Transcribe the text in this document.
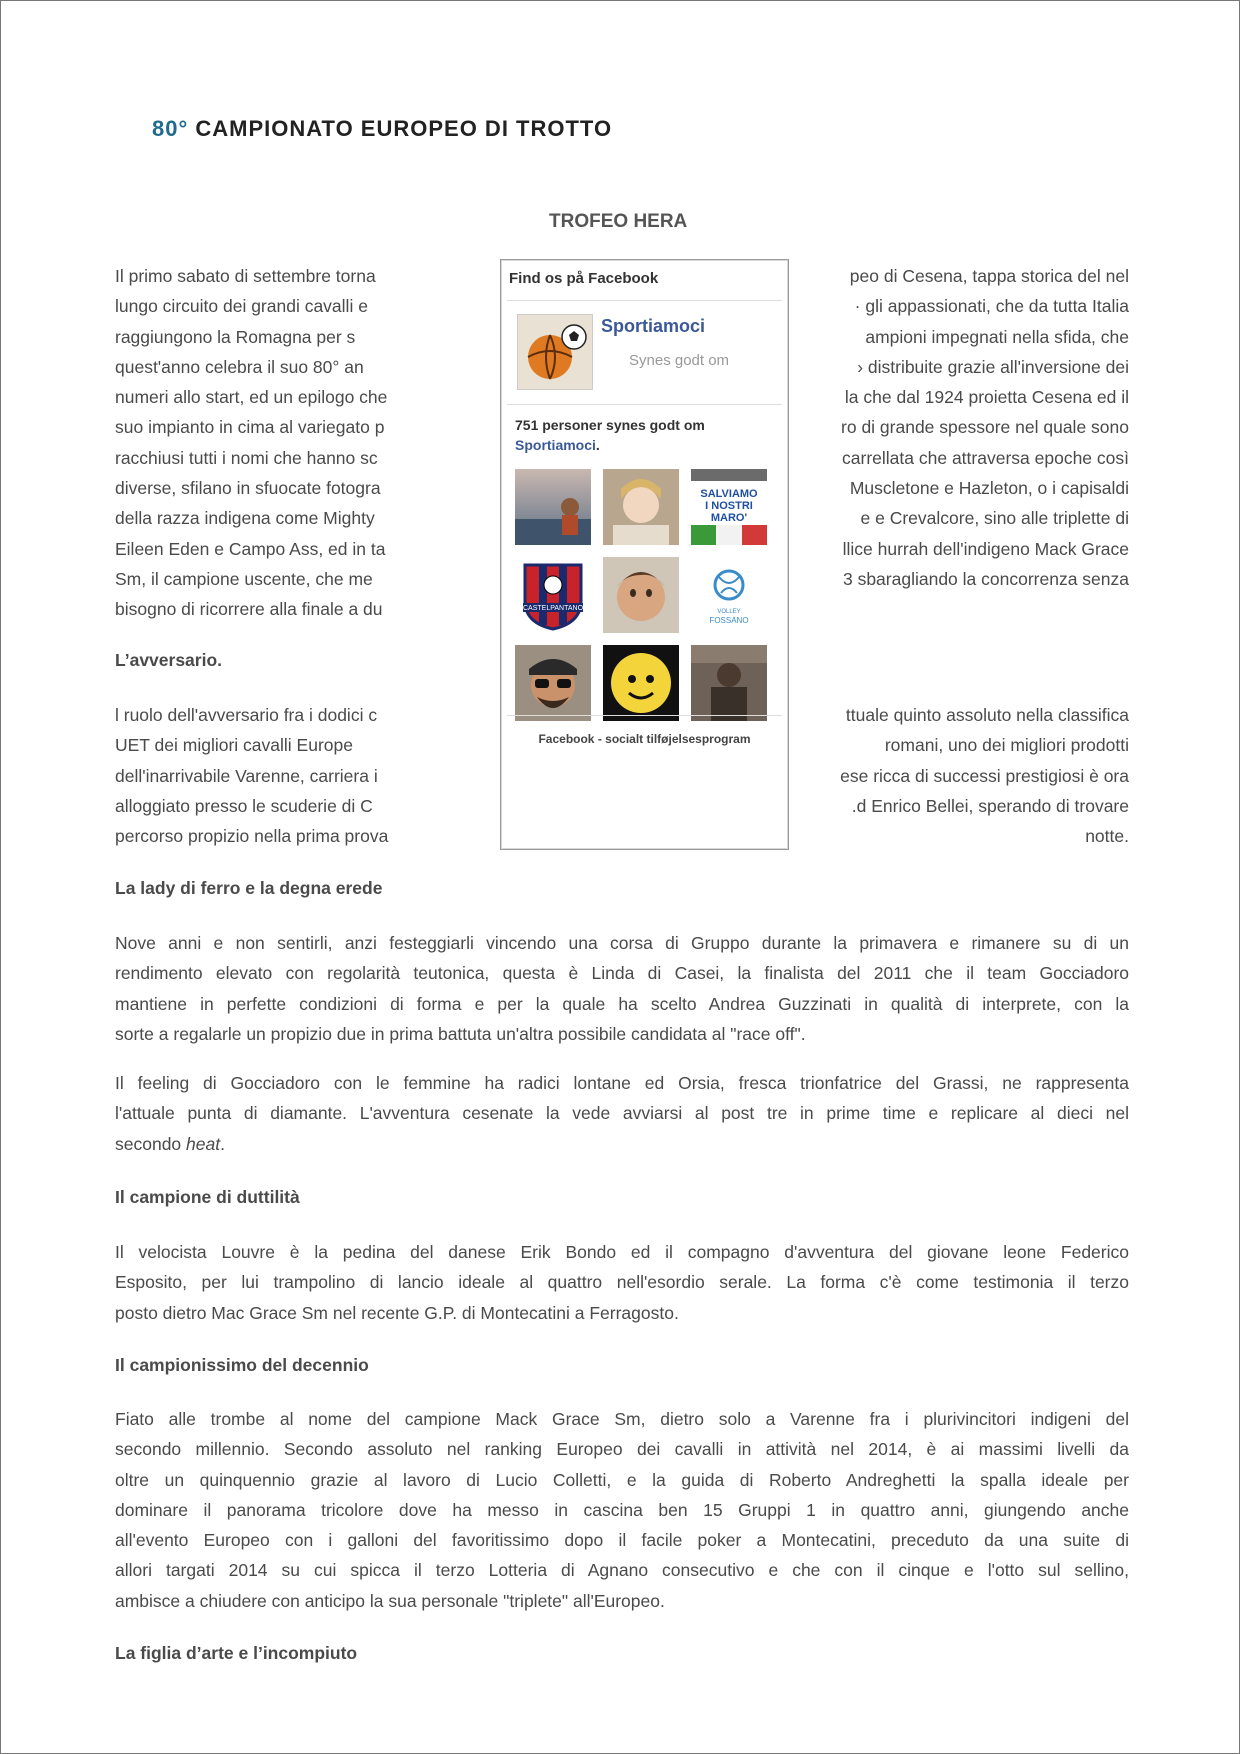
80° CAMPIONATO EUROPEO DI TROTTO
TROFEO HERA
Il primo sabato di settembre torna
lungo circuito dei grandi cavalli e
raggiungono la Romagna per s
quest'anno celebra il suo 80° an
numeri allo start, ed un epilogo che
suo impianto in cima al variegato p
racchiusi tutti i nomi che hanno sc
diverse, sfilano in sfuocate fotogra
della razza indigena come Mighty
Eileen Eden e Campo Ass, ed in ta
Sm, il campione uscente, che me
bisogno di ricorrere alla finale a du
peo di Cesena, tappa storica del nel
· gli appassionati, che da tutta Italia
ampioni impegnati nella sfida, che
› distribuite grazie all'inversione dei
la che dal 1924 proietta Cesena ed il
ro di grande spessore nel quale sono
carrellata che attraversa epoche così
Muscletone e Hazleton, o i capisaldi
e e Crevalcore, sino alle triplette di
llice hurrah dell'indigeno Mack Grace
3 sbaragliando la concorrenza senza
L’avversario.
l ruolo dell'avversario fra i dodici c
UET dei migliori cavalli Europe
dell'inarrivabile Varenne, carriera i
alloggiato presso le scuderie di C
percorso propizio nella prima prova
ttuale quinto assoluto nella classifica
romani, uno dei migliori prodotti
ese ricca di successi prestigiosi è ora
.d Enrico Bellei, sperando di trovare
notte.
La lady di ferro e la degna erede
Nove anni e non sentirli, anzi festeggiarli vincendo una corsa di Gruppo durante la primavera e rimanere su di un
rendimento elevato con regolarità teutonica, questa è Linda di Casei, la finalista del 2011 che il team Gocciadoro
mantiene in perfette condizioni di forma e per la quale ha scelto Andrea Guzzinati in qualità di interprete, con la
sorte a regalarle un propizio due in prima battuta un'altra possibile candidata al "race off".
Il feeling di Gocciadoro con le femmine ha radici lontane ed Orsia, fresca trionfatrice del Grassi, ne rappresenta
l'attuale punta di diamante. L'avventura cesenate la vede avviarsi al post tre in prime time e replicare al dieci nel
secondo heat.
Il campione di duttilità
Il velocista Louvre è la pedina del danese Erik Bondo ed il compagno d'avventura del giovane leone Federico
Esposito, per lui trampolino di lancio ideale al quattro nell'esordio serale. La forma c'è come testimonia il terzo
posto dietro Mac Grace Sm nel recente G.P. di Montecatini a Ferragosto.
Il campionissimo del decennio
Fiato alle trombe al nome del campione Mack Grace Sm, dietro solo a Varenne fra i plurivincitori indigeni del
secondo millennio. Secondo assoluto nel ranking Europeo dei cavalli in attività nel 2014, è ai massimi livelli da
oltre un quinquennio grazie al lavoro di Lucio Colletti, e la guida di Roberto Andreghetti la spalla ideale per
dominare il panorama tricolore dove ha messo in cascina ben 15 Gruppi 1 in quattro anni, giungendo anche
all'evento Europeo con i galloni del favoritissimo dopo il facile poker a Montecatini, preceduto da una suite di
allori targati 2014 su cui spicca il terzo Lotteria di Agnano consecutivo e che con il cinque e l'otto sul sellino,
ambisce a chiudere con anticipo la sua personale "triplete" all'Europeo.
La figlia d’arte e l’incompiuto
Find os på Facebook
Sportiamoci
Synes godt om
751 personer synes godt om
Sportiamoci.
SALVIAMO
I NOSTRI
MARO'
CASTELPANTANO	VOLLEY
FOSSANO
Facebook - socialt tilføjelsesprogram
